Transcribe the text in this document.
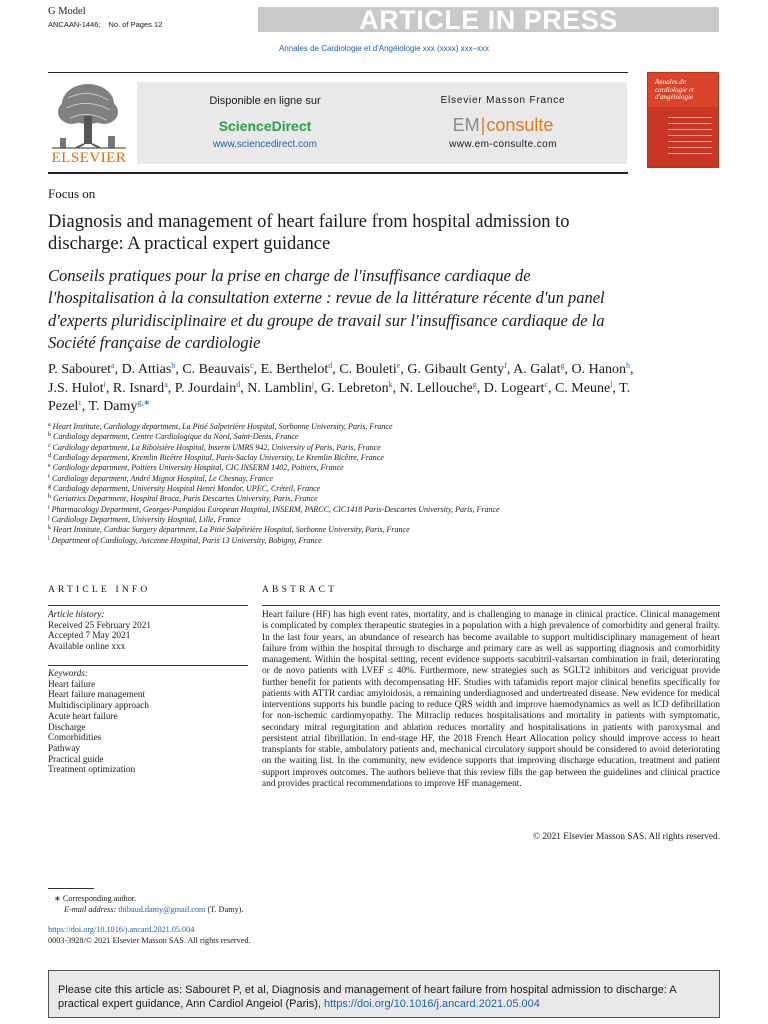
G Model
ANCAAN-1446; No. of Pages 12	ARTICLE IN PRESS
Annales de Cardiologie et d'Angéiologie xxx (xxxx) xxx–xxx
ELSEVIER
Disponible en ligne sur
ScienceDirect
www.sciencedirect.com
Elsevier Masson France
EM|consulte
www.em-consulte.com
Annales de cardiologie et d'angéiologie
Focus on
Diagnosis and management of heart failure from hospital admission to discharge: A practical expert guidance
Conseils pratiques pour la prise en charge de l'insuffisance cardiaque de l'hospitalisation à la consultation externe : revue de la littérature récente d'un panel d'experts pluridisciplinaire et du groupe de travail sur l'insuffisance cardiaque de la Société française de cardiologie
P. Sabouret$^a$, D. Attias$^b$, C. Beauvais$^c$, E. Berthelot$^d$, C. Bouleti$^e$, G. Gibault Genty$^f$, A. Galat$^g$, O. Hanon$^h$, J.S. Hulot$^i$, R. Isnard$^a$, P. Jourdain$^d$, N. Lamblin$^j$, G. Lebreton$^k$, N. Lellouche$^g$, D. Logeart$^c$, C. Meune$^l$, T. Pezel$^c$, T. Damy$^{g,∗}$
$^a$ Heart Institute, Cardiology department, La Pitié Salpetrière Hospital, Sorbonne University, Paris, France
$^b$ Cardiology department, Centre Cardiologique du Nord, Saint-Denis, France
$^c$ Cardiology department, La Riboisière Hospital, Inserm UMRS 942, University of Paris, Paris, France
$^d$ Cardiology department, Kremlin Bicêtre Hospital, Paris-Saclay University, Le Kremlin Bicêtre, France
$^e$ Cardiology department, Poitiers University Hospital, CIC INSERM 1402, Poitiers, France
$^f$ Cardiology department, André Mignot Hospital, Le Chesnay, France
$^g$ Cardiology department, University Hospital Henri Mondor, UPEC, Créteil, France
$^h$ Geriatrics Department, Hospital Broca, Paris Descartes University, Paris, France
$^i$ Pharmacology Department, Georges-Pompidou European Hospital, INSERM, PARCC, CIC1418 Paris-Descartes University, Paris, France
$^j$ Cardiology Department, University Hospital, Lille, France
$^k$ Heart Institute, Cardiac Surgery department, La Pitié Salpêtrière Hospital, Sorbonne University, Paris, France
$^l$ Department of Cardiology, Avicenne Hospital, Paris 13 University, Bobigny, France
ARTICLE INFO	ABSTRACT
Article history:
Received 25 February 2021
Accepted 7 May 2021
Available online xxx
Keywords:
Heart failure
Heart failure management
Multidisciplinary approach
Acute heart failure
Discharge
Comorbidities
Pathway
Practical guide
Treatment optimization
Heart failure (HF) has high event rates, mortality, and is challenging to manage in clinical practice. Clinical management is complicated by complex therapeutic strategies in a population with a high prevalence of comorbidity and general frailty. In the last four years, an abundance of research has become available to support multidisciplinary management of heart failure from within the hospital through to discharge and primary care as well as supporting diagnosis and comorbidity management. Within the hospital setting, recent evidence supports sacubitril-valsartan combination in frail, deteriorating or de novo patients with LVEF ≤ 40%. Furthermore, new strategies such as SGLT2 inhibitors and vericiguat provide further benefit for patients with decompensating HF. Studies with tafamidis report major clinical benefits specifically for patients with ATTR cardiac amyloidosis, a remaining underdiagnosed and undertreated disease. New evidence for medical interventions supports his bundle pacing to reduce QRS width and improve haemodynamics as well as ICD defibrillation for non-ischemic cardiomyopathy. The Mitraclip reduces hospitalisations and mortality in patients with symptomatic, secondary mitral regurgitation and ablation reduces mortality and hospitalisations in patients with paroxysmal and persistent atrial fibrillation. In end-stage HF, the 2018 French Heart Allocation policy should improve access to heart transplants for stable, ambulatory patients and, mechanical circulatory support should be considered to avoid deteriorating on the waiting list. In the community, new evidence supports that improving discharge education, treatment and patient support improves outcomes. The authors believe that this review fills the gap between the guidelines and clinical practice and provides practical recommendations to improve HF management.
© 2021 Elsevier Masson SAS. All rights reserved.
∗ Corresponding author.
E-mail address: thibaud.damy@gmail.com (T. Damy).
https://doi.org/10.1016/j.ancard.2021.05.004
0003-3928/© 2021 Elsevier Masson SAS. All rights reserved.
Please cite this article as: Sabouret P, et al, Diagnosis and management of heart failure from hospital admission to discharge: A practical expert guidance, Ann Cardiol Angeiol (Paris), https://doi.org/10.1016/j.ancard.2021.05.004
